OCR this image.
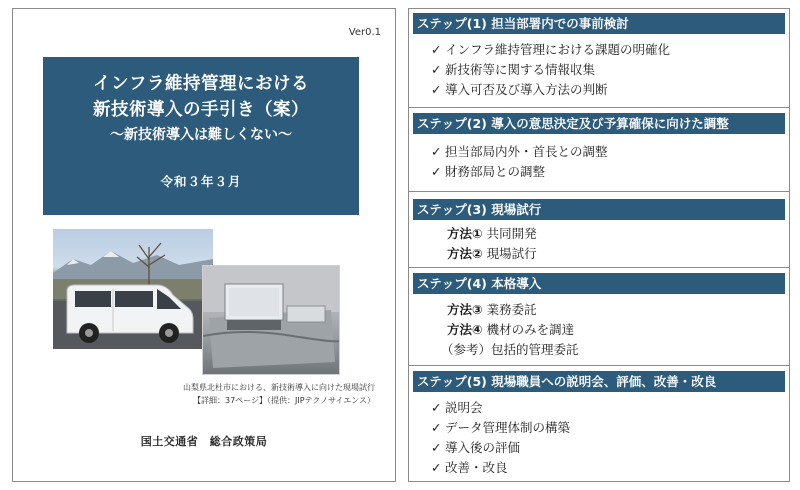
Ver0.1
インフラ維持管理における
新技術導入の手引き（案）
～新技術導入は難しくない～
令和３年３月
山梨県北杜市における、新技術導入に向けた現場試行
【詳細：37ページ】（提供：JIPテクノサイエンス）
国土交通省　総合政策局
ステップ(1) 担当部署内での事前検討
✓ インフラ維持管理における課題の明確化
✓ 新技術等に関する情報収集
✓ 導入可否及び導入方法の判断
ステップ(2) 導入の意思決定及び予算確保に向けた調整
✓ 担当部局内外・首長との調整
✓ 財務部局との調整
ステップ(3) 現場試行
方法① 共同開発
方法② 現場試行
ステップ(4) 本格導入
方法③ 業務委託
方法④ 機材のみを調達
（参考）包括的管理委託
ステップ(5) 現場職員への説明会、評価、改善・改良
✓ 説明会
✓ データ管理体制の構築
✓ 導入後の評価
✓ 改善・改良
